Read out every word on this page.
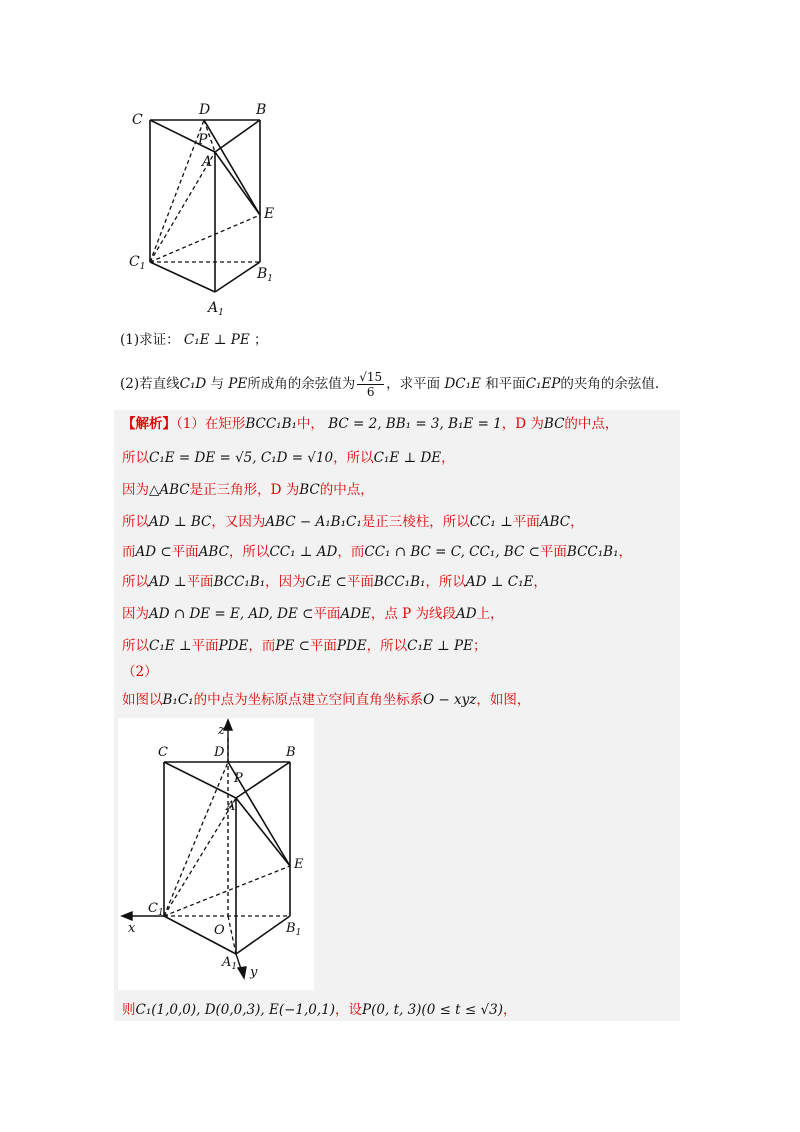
C
D	B
P
A
E
$C_1$	$B_1$
$A_1$
(1)求证： C₁E ⊥ PE ；
(2)若直线C₁D 与 PE所成角的余弦值为 $\frac{√15}{6}$ ，求平面 DC₁E 和平面C₁EP的夹角的余弦值.
【解析】（1）在矩形BCC₁B₁中， BC = 2, BB₁ = 3, B₁E = 1，D 为BC的中点，
所以C₁E = DE = √5, C₁D = √10，所以C₁E ⊥ DE，
因为△ABC是正三角形，D 为BC的中点，
所以AD ⊥ BC，又因为ABC − A₁B₁C₁是正三棱柱，所以CC₁ ⊥平面ABC，
而AD ⊂平面ABC，所以CC₁ ⊥ AD，而CC₁ ∩ BC = C, CC₁, BC ⊂平面BCC₁B₁，
所以AD ⊥平面BCC₁B₁，因为C₁E ⊂平面BCC₁B₁，所以AD ⊥ C₁E，
因为AD ∩ DE = E, AD, DE ⊂平面ADE，点 P 为线段AD上，
所以C₁E ⊥平面PDE，而PE ⊂平面PDE，所以C₁E ⊥ PE；
（2）
如图以B₁C₁的中点为坐标原点建立空间直角坐标系O − xyz，如图，
z
C	D	B
P
A
E
$C_1$
x	O	$B_1$
$A_1$ y
则C₁(1,0,0), D(0,0,3), E(−1,0,1)，设P(0, t, 3)(0 ≤ t ≤ √3)，
